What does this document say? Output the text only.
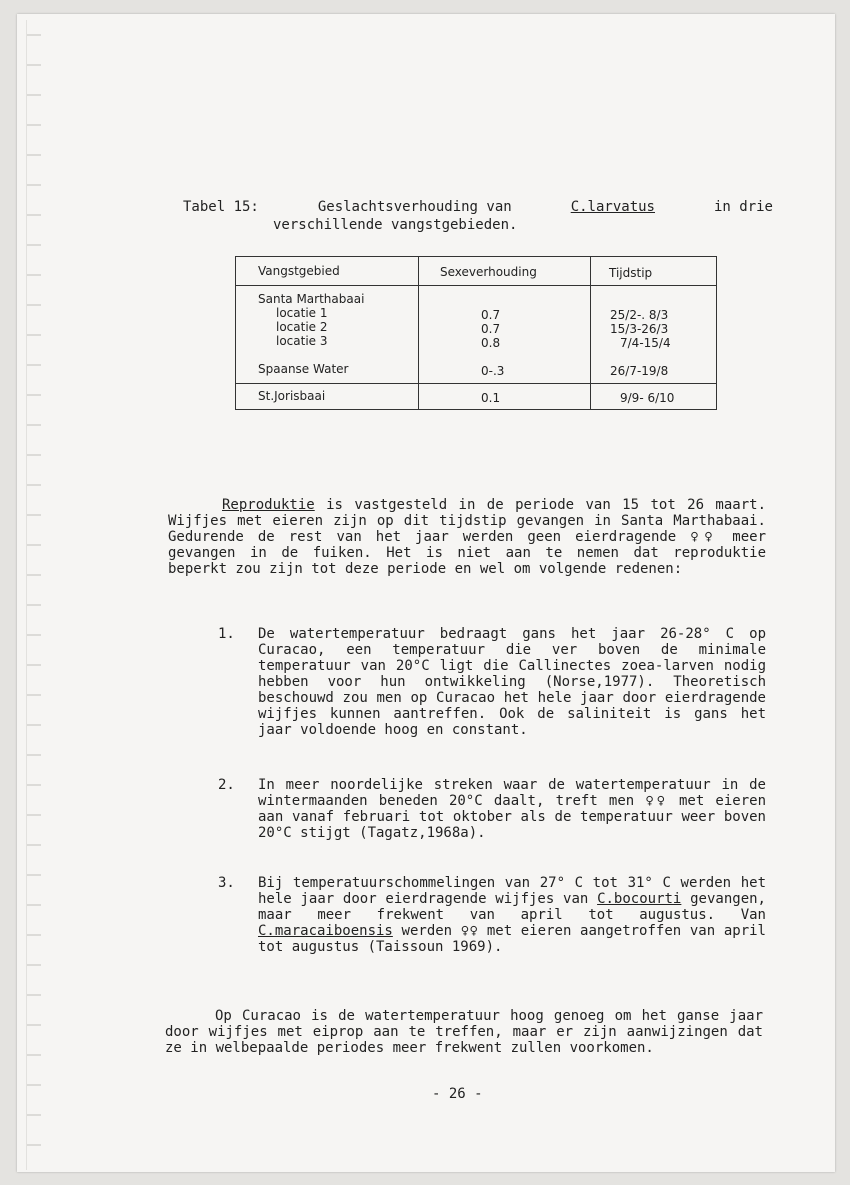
Tabel 15:	Geslachtsverhouding van	C.larvatus	in drie
verschillende vangstgebieden.
Vangstgebied	Sexeverhouding	Tijdstip
Santa Marthabaai
locatie 1	0.7	25/2-. 8/3
locatie 2	0.7	15/3-26/3
locatie 3	0.8	7/4-15/4
Spaanse Water	0-.3	26/7-19/8
St.Jorisbaai	0.1	9/9- 6/10
Reproduktie is vastgesteld in de periode van 15 tot 26 maart. Wijfjes met eieren zijn op dit tijdstip gevangen in Santa Marthabaai. Gedurende de rest van het jaar werden geen eierdragende ♀♀ meer gevangen in de fuiken. Het is niet aan te nemen dat reproduktie beperkt zou zijn tot deze periode en wel om volgende redenen:
1. De watertemperatuur bedraagt gans het jaar 26-28° C op Curacao, een temperatuur die ver boven de minimale temperatuur van 20°C ligt die Callinectes zoea-larven nodig hebben voor hun ontwikkeling (Norse,1977). Theoretisch beschouwd zou men op Curacao het hele jaar door eierdragende wijfjes kunnen aantreffen. Ook de saliniteit is gans het jaar voldoende hoog en constant.
2. In meer noordelijke streken waar de watertemperatuur in de wintermaanden beneden 20°C daalt, treft men ♀♀ met eieren aan vanaf februari tot oktober als de temperatuur weer boven 20°C stijgt (Tagatz,1968a).
3. Bij temperatuurschommelingen van 27° C tot 31° C werden het hele jaar door eierdragende wijfjes van C.bocourti gevangen, maar meer frekwent van april tot augustus. Van C.maracaiboensis werden ♀♀ met eieren aangetroffen van april tot augustus (Taissoun 1969).
Op Curacao is de watertemperatuur hoog genoeg om het ganse jaar door wijfjes met eiprop aan te treffen, maar er zijn aanwijzingen dat ze in welbepaalde periodes meer frekwent zullen voorkomen.
- 26 -
